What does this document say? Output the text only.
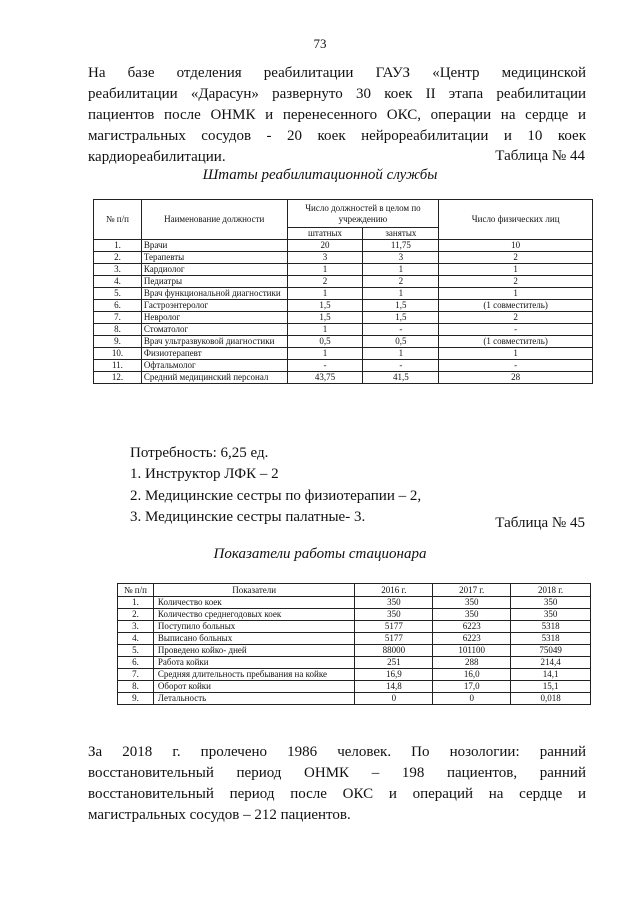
73
На базе отделения реабилитации ГАУЗ «Центр медицинской
реабилитации «Дарасун» развернуто 30 коек II этапа реабилитации
пациентов после ОНМК и перенесенного ОКС, операции на сердце и
магистральных сосудов - 20 коек нейрореабилитации и 10 коек
кардиореабилитации.	Таблица № 44
Штаты реабилитационной службы
№ п/п	Наименование должности	Число должностей в целом по учреждению		Число физических лиц
		штатных	занятых	
1.	Врачи	20	11,75	10
2.	Терапевты	3	3	2
3.	Кардиолог	1	1	1
4.	Педиатры	2	2	2
5.	Врач функциональной диагностики	1	1	1
6.	Гастроэнтеролог	1,5	1,5	(1 совместитель)
7.	Невролог	1,5	1,5	2
8.	Стоматолог	1	-	-
9.	Врач ультразвуковой диагностики	0,5	0,5	(1 совместитель)
10.	Физиотерапевт	1	1	1
11.	Офтальмолог	-	-	-
12.	Средний медицинский персонал	43,75	41,5	28
Потребность: 6,25 ед.
1. Инструктор ЛФК – 2
2. Медицинские сестры по физиотерапии – 2,
3. Медицинские сестры палатные- 3.	Таблица № 45
Показатели работы стационара
№ п/п	Показатели	2016 г.	2017 г.	2018 г.
1.	Количество коек	350	350	350
2.	Количество среднегодовых коек	350	350	350
3.	Поступило больных	5177	6223	5318
4.	Выписано больных	5177	6223	5318
5.	Проведено койко- дней	88000	101100	75049
6.	Работа койки	251	288	214,4
7.	Средняя длительность пребывания на койке	16,9	16,0	14,1
8.	Оборот койки	14,8	17,0	15,1
9.	Летальность	0	0	0,018
За 2018 г. пролечено 1986 человек. По нозологии: ранний
восстановительный период ОНМК – 198 пациентов, ранний
восстановительный период после ОКС и операций на сердце и
магистральных сосудов – 212 пациентов.
